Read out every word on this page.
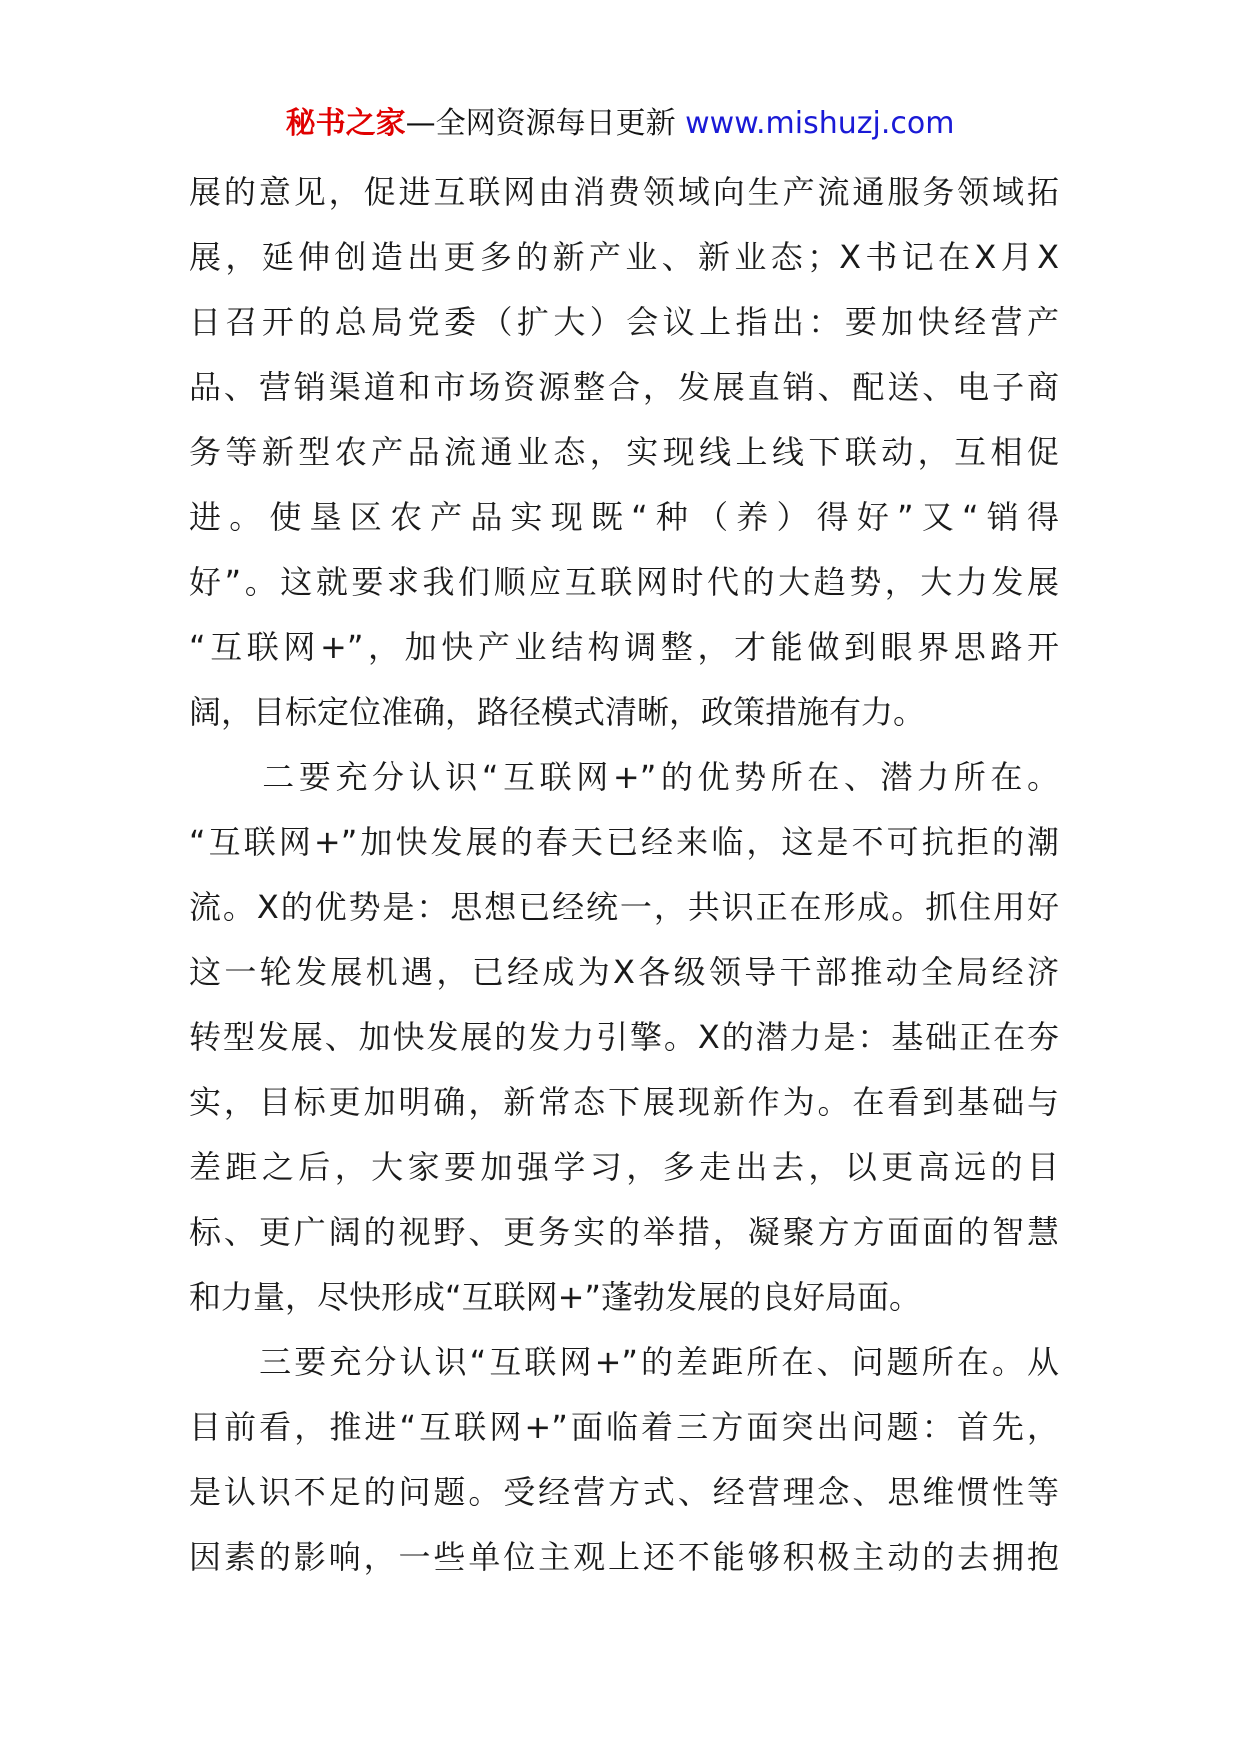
秘书之家—全网资源每日更新 www.mishuzj.com
展的意见，促进互联网由消费领域向生产流通服务领域拓
展，延伸创造出更多的新产业、新业态；X书记在X月X
日召开的总局党委（扩大）会议上指出：要加快经营产
品、营销渠道和市场资源整合，发展直销、配送、电子商
务等新型农产品流通业态，实现线上线下联动，互相促
进。使垦区农产品实现既“种（养）得好”又“销得
好”。这就要求我们顺应互联网时代的大趋势，大力发展
“互联网+”，加快产业结构调整，才能做到眼界思路开
阔，目标定位准确，路径模式清晰，政策措施有力。
　　二要充分认识“互联网+”的优势所在、潜力所在。
“互联网+”加快发展的春天已经来临，这是不可抗拒的潮
流。X的优势是：思想已经统一，共识正在形成。抓住用好
这一轮发展机遇，已经成为X各级领导干部推动全局经济
转型发展、加快发展的发力引擎。X的潜力是：基础正在夯
实，目标更加明确，新常态下展现新作为。在看到基础与
差距之后，大家要加强学习，多走出去，以更高远的目
标、更广阔的视野、更务实的举措，凝聚方方面面的智慧
和力量，尽快形成“互联网+”蓬勃发展的良好局面。
　　三要充分认识“互联网+”的差距所在、问题所在。从
目前看，推进“互联网+”面临着三方面突出问题：首先，
是认识不足的问题。受经营方式、经营理念、思维惯性等
因素的影响，一些单位主观上还不能够积极主动的去拥抱
